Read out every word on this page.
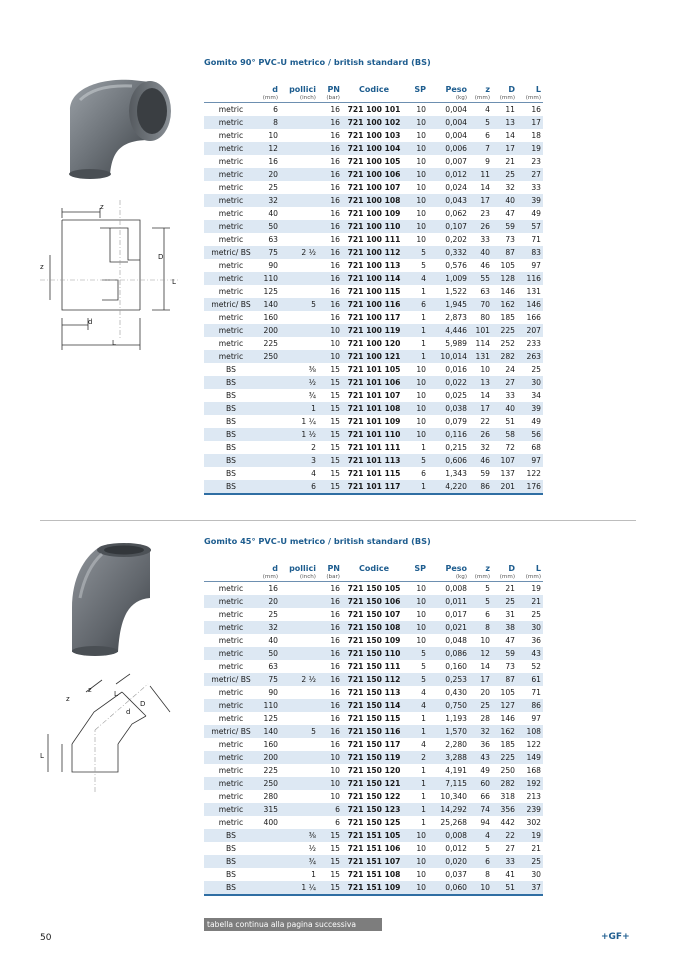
Gomito 90° PVC-U metrico / british standard (BS)
z
z
D
L
d
L
	d	pollici	PN	Codice	SP	Peso	z	D	L
	(mm)	(inch)	(bar)			(kg)	(mm)	(mm)	(mm)
metric	6		16	721 100 101	10	0,004	4	11	16
metric	8		16	721 100 102	10	0,004	5	13	17
metric	10		16	721 100 103	10	0,004	6	14	18
metric	12		16	721 100 104	10	0,006	7	17	19
metric	16		16	721 100 105	10	0,007	9	21	23
metric	20		16	721 100 106	10	0,012	11	25	27
metric	25		16	721 100 107	10	0,024	14	32	33
metric	32		16	721 100 108	10	0,043	17	40	39
metric	40		16	721 100 109	10	0,062	23	47	49
metric	50		16	721 100 110	10	0,107	26	59	57
metric	63		16	721 100 111	10	0,202	33	73	71
metric/ BS	75	2 ½	16	721 100 112	5	0,332	40	87	83
metric	90		16	721 100 113	5	0,576	46	105	97
metric	110		16	721 100 114	4	1,009	55	128	116
metric	125		16	721 100 115	1	1,522	63	146	131
metric/ BS	140	5	16	721 100 116	6	1,945	70	162	146
metric	160		16	721 100 117	1	2,873	80	185	166
metric	200		10	721 100 119	1	4,446	101	225	207
metric	225		10	721 100 120	1	5,989	114	252	233
metric	250		10	721 100 121	1	10,014	131	282	263
BS		⅜	15	721 101 105	10	0,016	10	24	25
BS		½	15	721 101 106	10	0,022	13	27	30
BS		¾	15	721 101 107	10	0,025	14	33	34
BS		1	15	721 101 108	10	0,038	17	40	39
BS		1 ¼	15	721 101 109	10	0,079	22	51	49
BS		1 ½	15	721 101 110	10	0,116	26	58	56
BS		2	15	721 101 111	1	0,215	32	72	68
BS		3	15	721 101 113	5	0,606	46	107	97
BS		4	15	721 101 115	6	1,343	59	137	122
BS		6	15	721 101 117	1	4,220	86	201	176
Gomito 45° PVC-U metrico / british standard (BS)
z
z	L
d
D
L
	d	pollici	PN	Codice	SP	Peso	z	D	L
	(mm)	(inch)	(bar)			(kg)	(mm)	(mm)	(mm)
metric	16		16	721 150 105	10	0,008	5	21	19
metric	20		16	721 150 106	10	0,011	5	25	21
metric	25		16	721 150 107	10	0,017	6	31	25
metric	32		16	721 150 108	10	0,021	8	38	30
metric	40		16	721 150 109	10	0,048	10	47	36
metric	50		16	721 150 110	5	0,086	12	59	43
metric	63		16	721 150 111	5	0,160	14	73	52
metric/ BS	75	2 ½	16	721 150 112	5	0,253	17	87	61
metric	90		16	721 150 113	4	0,430	20	105	71
metric	110		16	721 150 114	4	0,750	25	127	86
metric	125		16	721 150 115	1	1,193	28	146	97
metric/ BS	140	5	16	721 150 116	1	1,570	32	162	108
metric	160		16	721 150 117	4	2,280	36	185	122
metric	200		10	721 150 119	2	3,288	43	225	149
metric	225		10	721 150 120	1	4,191	49	250	168
metric	250		10	721 150 121	1	7,115	60	282	192
metric	280		10	721 150 122	1	10,340	66	318	213
metric	315		6	721 150 123	1	14,292	74	356	239
metric	400		6	721 150 125	1	25,268	94	442	302
BS		⅜	15	721 151 105	10	0,008	4	22	19
BS		½	15	721 151 106	10	0,012	5	27	21
BS		¾	15	721 151 107	10	0,020	6	33	25
BS		1	15	721 151 108	10	0,037	8	41	30
BS		1 ¼	15	721 151 109	10	0,060	10	51	37
tabella continua alla pagina successiva
50	+GF+
